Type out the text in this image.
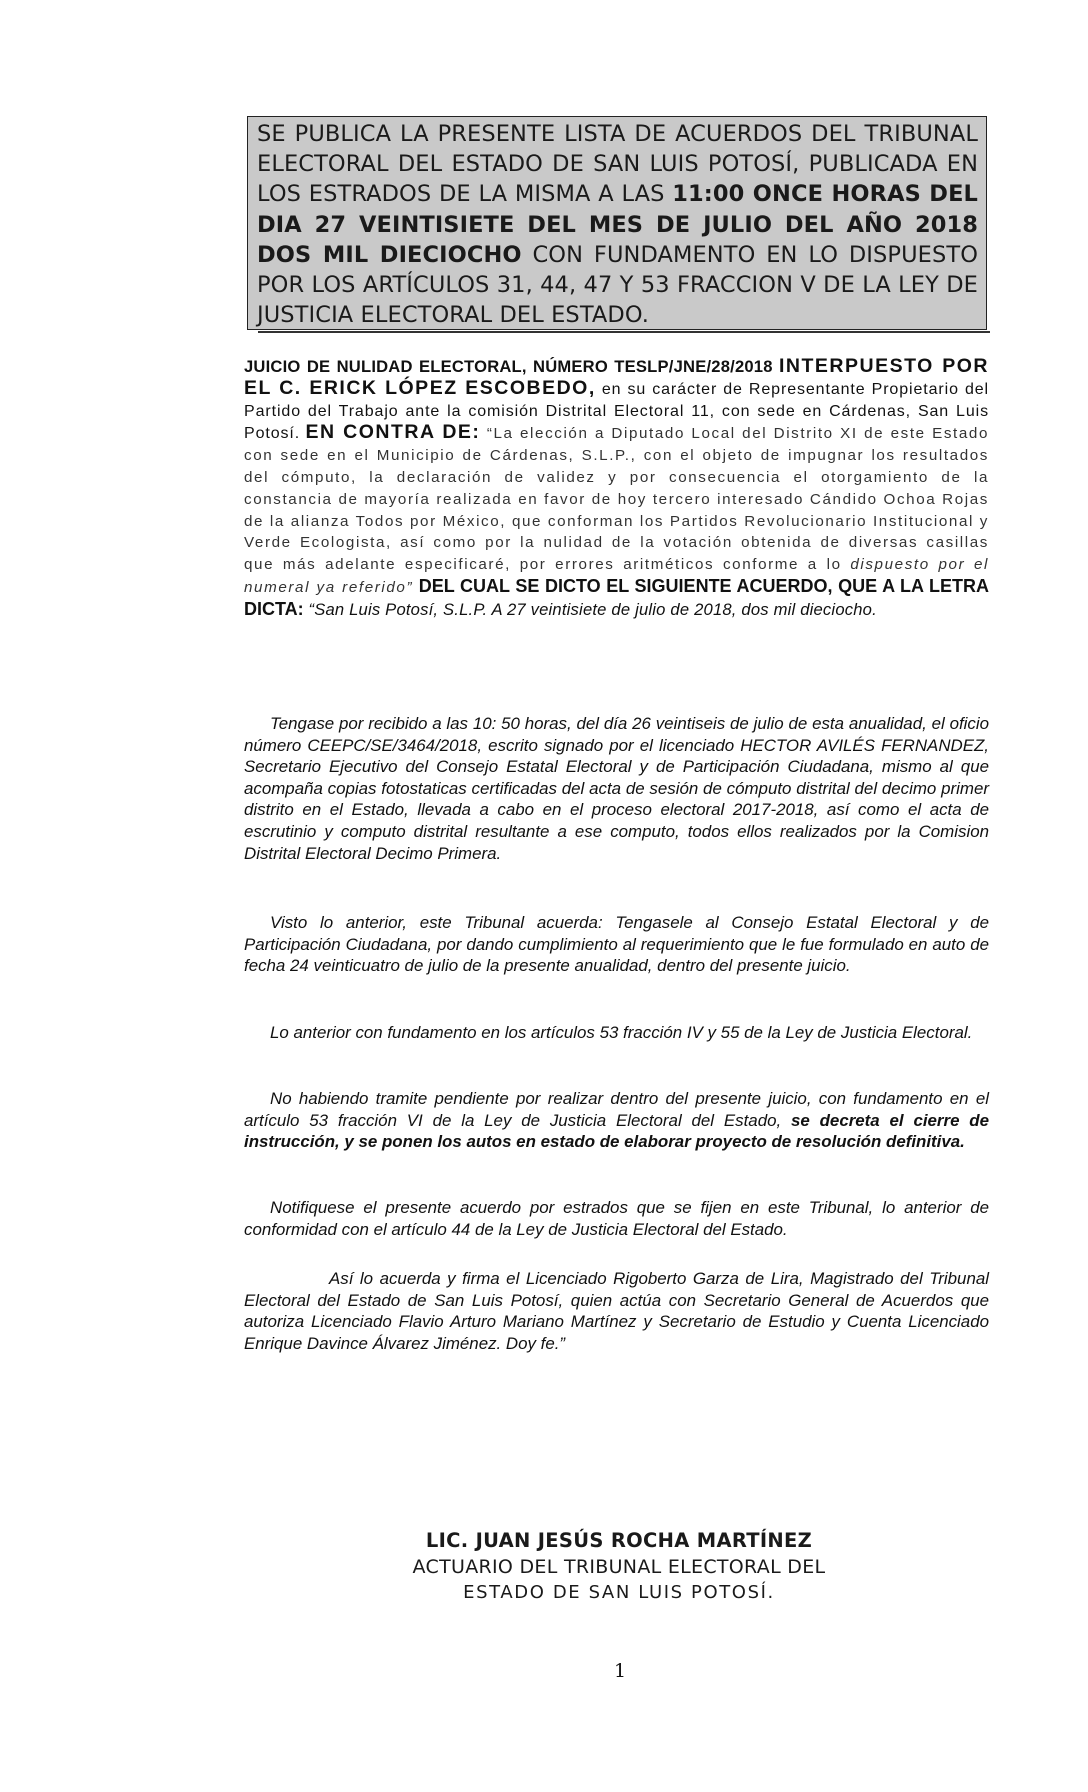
SE PUBLICA LA PRESENTE LISTA DE ACUERDOS DEL TRIBUNAL ELECTORAL DEL ESTADO DE SAN LUIS POTOSÍ, PUBLICADA EN LOS ESTRADOS DE LA MISMA A LAS 11:00 ONCE HORAS DEL DIA 27 VEINTISIETE DEL MES DE JULIO DEL AÑO 2018 DOS MIL DIECIOCHO CON FUNDAMENTO EN LO DISPUESTO POR LOS ARTÍCULOS 31, 44, 47 Y 53 FRACCION V DE LA LEY DE JUSTICIA ELECTORAL DEL ESTADO.
JUICIO DE NULIDAD ELECTORAL, NÚMERO TESLP/JNE/28/2018 INTERPUESTO POR EL C. ERICK LÓPEZ ESCOBEDO, en su carácter de Representante Propietario del Partido del Trabajo ante la comisión Distrital Electoral 11, con sede en Cárdenas, San Luis Potosí. EN CONTRA DE: “La elección a Diputado Local del Distrito XI de este Estado con sede en el Municipio de Cárdenas, S.L.P., con el objeto de impugnar los resultados del cómputo, la declaración de validez y por consecuencia el otorgamiento de la constancia de mayoría realizada en favor de hoy tercero interesado Cándido Ochoa Rojas de la alianza Todos por México, que conforman los Partidos Revolucionario Institucional y Verde Ecologista, así como por la nulidad de la votación obtenida de diversas casillas que más adelante especificaré, por errores aritméticos conforme a lo dispuesto por el numeral ya referido” DEL CUAL SE DICTO EL SIGUIENTE ACUERDO, QUE A LA LETRA DICTA: “San Luis Potosí, S.L.P. A 27 veintisiete de julio de 2018, dos mil dieciocho.
Tengase por recibido a las 10: 50 horas, del día 26 veintiseis de julio de esta anualidad, el oficio número CEEPC/SE/3464/2018, escrito signado por el licenciado HECTOR AVILÉS FERNANDEZ, Secretario Ejecutivo del Consejo Estatal Electoral y de Participación Ciudadana, mismo al que acompaña copias fotostaticas certificadas del acta de sesión de cómputo distrital del decimo primer distrito en el Estado, llevada a cabo en el proceso electoral 2017-2018, así como el acta de escrutinio y computo distrital resultante a ese computo, todos ellos realizados por la Comision Distrital Electoral Decimo Primera.
Visto lo anterior, este Tribunal acuerda: Tengasele al Consejo Estatal Electoral y de Participación Ciudadana, por dando cumplimiento al requerimiento que le fue formulado en auto de fecha 24 veinticuatro de julio de la presente anualidad, dentro del presente juicio.
Lo anterior con fundamento en los artículos 53 fracción IV y 55 de la Ley de Justicia Electoral.
No habiendo tramite pendiente por realizar dentro del presente juicio, con fundamento en el artículo 53 fracción VI de la Ley de Justicia Electoral del Estado, se decreta el cierre de instrucción, y se ponen los autos en estado de elaborar proyecto de resolución definitiva.
Notifiquese el presente acuerdo por estrados que se fijen en este Tribunal, lo anterior de conformidad con el artículo 44 de la Ley de Justicia Electoral del Estado.
Así lo acuerda y firma el Licenciado Rigoberto Garza de Lira, Magistrado del Tribunal Electoral del Estado de San Luis Potosí, quien actúa con Secretario General de Acuerdos que autoriza Licenciado Flavio Arturo Mariano Martínez y Secretario de Estudio y Cuenta Licenciado Enrique Davince Álvarez Jiménez. Doy fe.”
LIC. JUAN JESÚS ROCHA MARTÍNEZ
ACTUARIO DEL TRIBUNAL ELECTORAL DEL
ESTADO DE SAN LUIS POTOSÍ.
1
